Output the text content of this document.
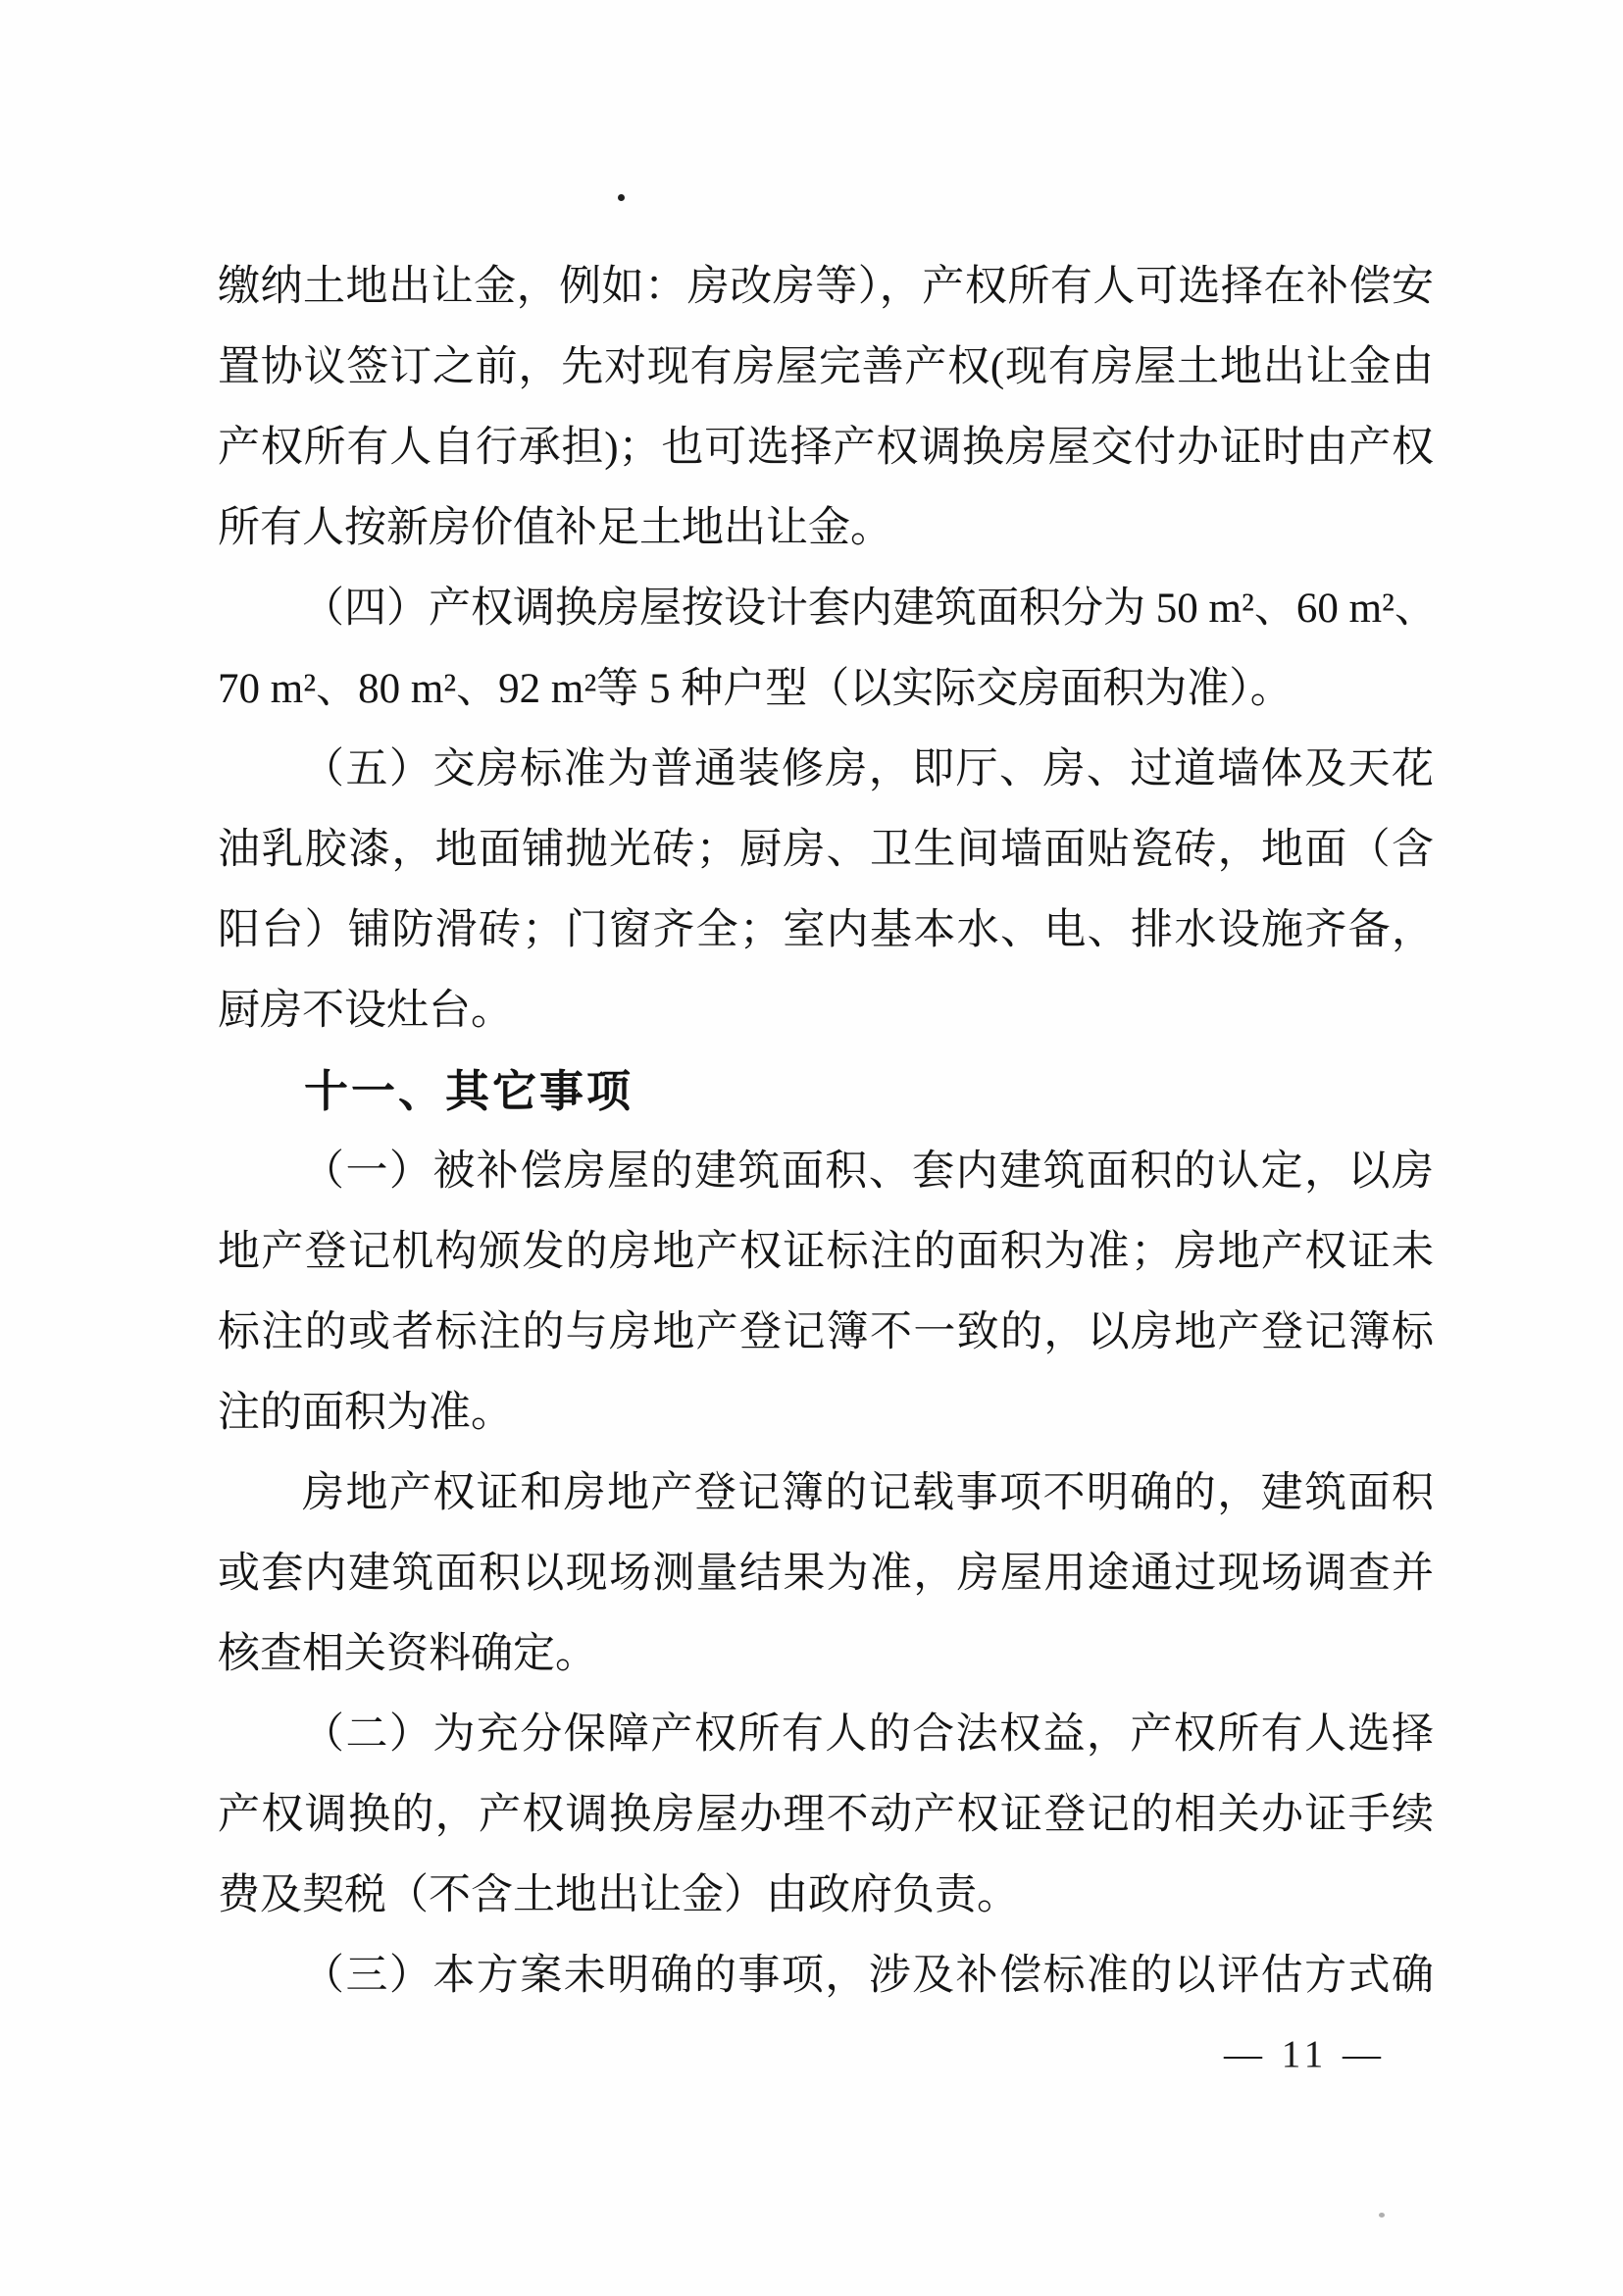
缴纳土地出让金，例如：房改房等），产权所有人可选择在补偿安
置协议签订之前，先对现有房屋完善产权(现有房屋土地出让金由
产权所有人自行承担)；也可选择产权调换房屋交付办证时由产权
所有人按新房价值补足土地出让金。
（四）产权调换房屋按设计套内建筑面积分为 50 m²、60 m²、
70 m²、80 m²、92 m²等 5 种户型（以实际交房面积为准）。
（五）交房标准为普通装修房，即厅、房、过道墙体及天花
油乳胶漆，地面铺抛光砖；厨房、卫生间墙面贴瓷砖，地面（含
阳台）铺防滑砖；门窗齐全；室内基本水、电、排水设施齐备，
厨房不设灶台。
十一、其它事项
（一）被补偿房屋的建筑面积、套内建筑面积的认定，以房
地产登记机构颁发的房地产权证标注的面积为准；房地产权证未
标注的或者标注的与房地产登记簿不一致的，以房地产登记簿标
注的面积为准。
房地产权证和房地产登记簿的记载事项不明确的，建筑面积
或套内建筑面积以现场测量结果为准，房屋用途通过现场调查并
核查相关资料确定。
（二）为充分保障产权所有人的合法权益，产权所有人选择
产权调换的，产权调换房屋办理不动产权证登记的相关办证手续
费及契税（不含土地出让金）由政府负责。
（三）本方案未明确的事项，涉及补偿标准的以评估方式确
— 11 —
